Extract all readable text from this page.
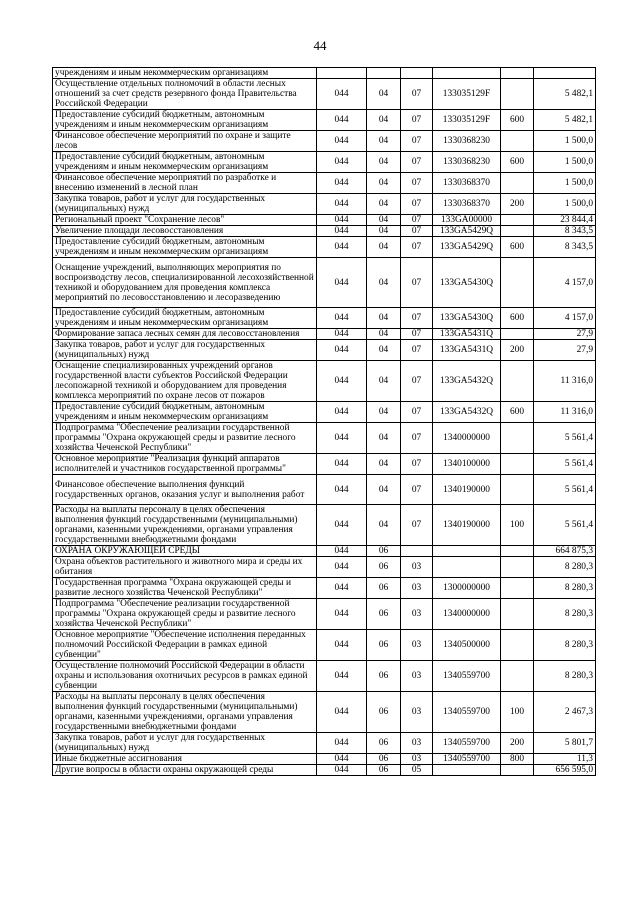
44
учреждениям и иным некоммерческим организациям						
Осуществление отдельных полномочий в области лесных отношений за счет средств резервного фонда Правительства Российской Федерации	044	04	07	133035129F		5 482,1
Предоставление субсидий бюджетным, автономным учреждениям и иным некоммерческим организациям	044	04	07	133035129F	600	5 482,1
Финансовое обеспечение мероприятий по охране и защите лесов	044	04	07	1330368230		1 500,0
Предоставление субсидий бюджетным, автономным учреждениям и иным некоммерческим организациям	044	04	07	1330368230	600	1 500,0
Финансовое обеспечение мероприятий по разработке и внесению изменений в лесной план	044	04	07	1330368370		1 500,0
Закупка товаров, работ и услуг для государственных (муниципальных) нужд	044	04	07	1330368370	200	1 500,0
Региональный проект "Сохранение лесов"	044	04	07	133GA00000		23 844,4
Увеличение площади лесовосстановления	044	04	07	133GA5429Q		8 343,5
Предоставление субсидий бюджетным, автономным учреждениям и иным некоммерческим организациям	044	04	07	133GA5429Q	600	8 343,5
Оснащение учреждений, выполняющих мероприятия по воспроизводству лесов, специализированной лесохозяйственной техникой и оборудованием для проведения комплекса мероприятий по лесовосстановлению и лесоразведению	044	04	07	133GA5430Q		4 157,0
Предоставление субсидий бюджетным, автономным учреждениям и иным некоммерческим организациям	044	04	07	133GA5430Q	600	4 157,0
Формирование запаса лесных семян для лесовосстановления	044	04	07	133GA5431Q		27,9
Закупка товаров, работ и услуг для государственных (муниципальных) нужд	044	04	07	133GA5431Q	200	27,9
Оснащение специализированных учреждений органов государственной власти субъектов Российской Федерации лесопожарной техникой и оборудованием для проведения комплекса мероприятий по охране лесов от пожаров	044	04	07	133GA5432Q		11 316,0
Предоставление субсидий бюджетным, автономным учреждениям и иным некоммерческим организациям	044	04	07	133GA5432Q	600	11 316,0
Подпрограмма "Обеспечение реализации государственной программы "Охрана окружающей среды и развитие лесного хозяйства Чеченской Республики"	044	04	07	1340000000		5 561,4
Основное мероприятие "Реализация функций аппаратов исполнителей и участников государственной программы"	044	04	07	1340100000		5 561,4
Финансовое обеспечение выполнения функций государственных органов, оказания услуг и выполнения работ	044	04	07	1340190000		5 561,4
Расходы на выплаты персоналу в целях обеспечения выполнения функций государственными (муниципальными) органами, казенными учреждениями, органами управления государственными внебюджетными фондами	044	04	07	1340190000	100	5 561,4
ОХРАНА ОКРУЖАЮЩЕЙ СРЕДЫ	044	06				664 875,3
Охрана объектов растительного и животного мира и среды их обитания	044	06	03			8 280,3
Государственная программа "Охрана окружающей среды и развитие лесного хозяйства Чеченской Республики"	044	06	03	1300000000		8 280,3
Подпрограмма "Обеспечение реализации государственной программы "Охрана окружающей среды и развитие лесного хозяйства Чеченской Республики"	044	06	03	1340000000		8 280,3
Основное мероприятие "Обеспечение исполнения переданных полномочий Российской Федерации в рамках единой субвенции"	044	06	03	1340500000		8 280,3
Осуществление полномочий Российской Федерации в области охраны и использования охотничьих ресурсов в рамках единой субвенции	044	06	03	1340559700		8 280,3
Расходы на выплаты персоналу в целях обеспечения выполнения функций государственными (муниципальными) органами, казенными учреждениями, органами управления государственными внебюджетными фондами	044	06	03	1340559700	100	2 467,3
Закупка товаров, работ и услуг для государственных (муниципальных) нужд	044	06	03	1340559700	200	5 801,7
Иные бюджетные ассигнования	044	06	03	1340559700	800	11,3
Другие вопросы в области охраны окружающей среды	044	06	05			656 595,0
